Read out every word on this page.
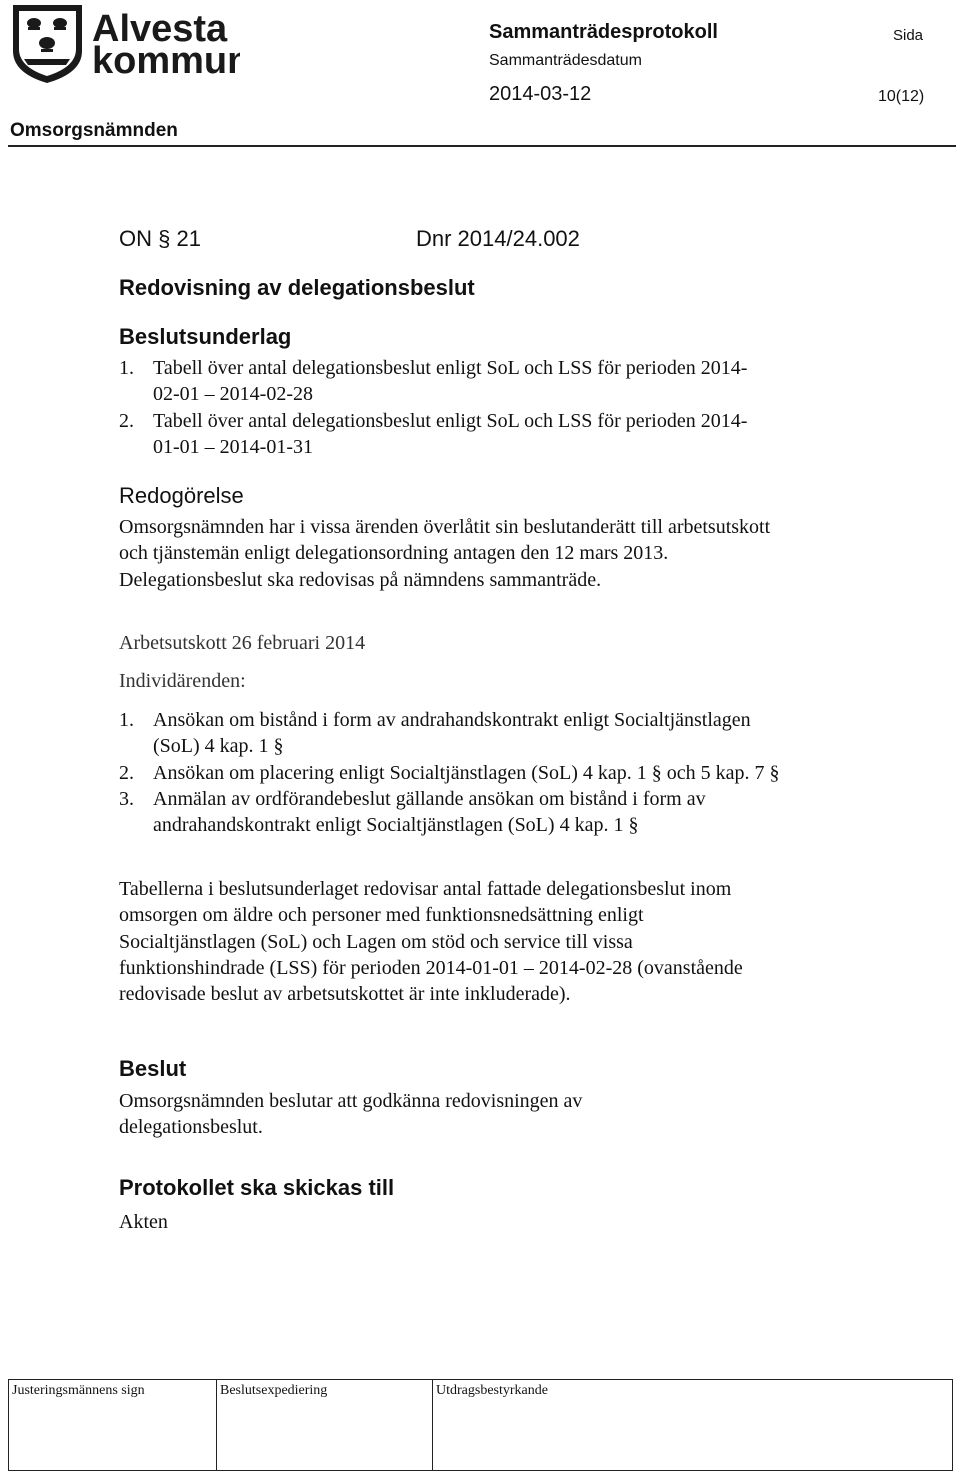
Alvesta
kommun
Sammanträdesprotokoll	Sida
Sammanträdesdatum
2014-03-12	10(12)
Omsorgsnämnden
ON § 21	Dnr 2014/24.002
Redovisning av delegationsbeslut
Beslutsunderlag
1. Tabell över antal delegationsbeslut enligt SoL och LSS för perioden 2014-02-01 – 2014-02-28
2. Tabell över antal delegationsbeslut enligt SoL och LSS för perioden 2014-01-01 – 2014-01-31
Redogörelse
Omsorgsnämnden har i vissa ärenden överlåtit sin beslutanderätt till arbetsutskott och tjänstemän enligt delegationsordning antagen den 12 mars 2013. Delegationsbeslut ska redovisas på nämndens sammanträde.
Arbetsutskott 26 februari 2014
Individärenden:
1. Ansökan om bistånd i form av andrahandskontrakt enligt Socialtjänstlagen (SoL) 4 kap. 1 §
2. Ansökan om placering enligt Socialtjänstlagen (SoL) 4 kap. 1 § och 5 kap. 7 §
3. Anmälan av ordförandebeslut gällande ansökan om bistånd i form av andrahandskontrakt enligt Socialtjänstlagen (SoL) 4 kap. 1 §
Tabellerna i beslutsunderlaget redovisar antal fattade delegationsbeslut inom omsorgen om äldre och personer med funktionsnedsättning enligt Socialtjänstlagen (SoL) och Lagen om stöd och service till vissa funktionshindrade (LSS) för perioden 2014-01-01 – 2014-02-28 (ovanstående redovisade beslut av arbetsutskottet är inte inkluderade).
Beslut
Omsorgsnämnden beslutar att godkänna redovisningen av delegationsbeslut.
Protokollet ska skickas till
Akten
Justeringsmännens sign	Beslutsexpediering	Utdragsbestyrkande
